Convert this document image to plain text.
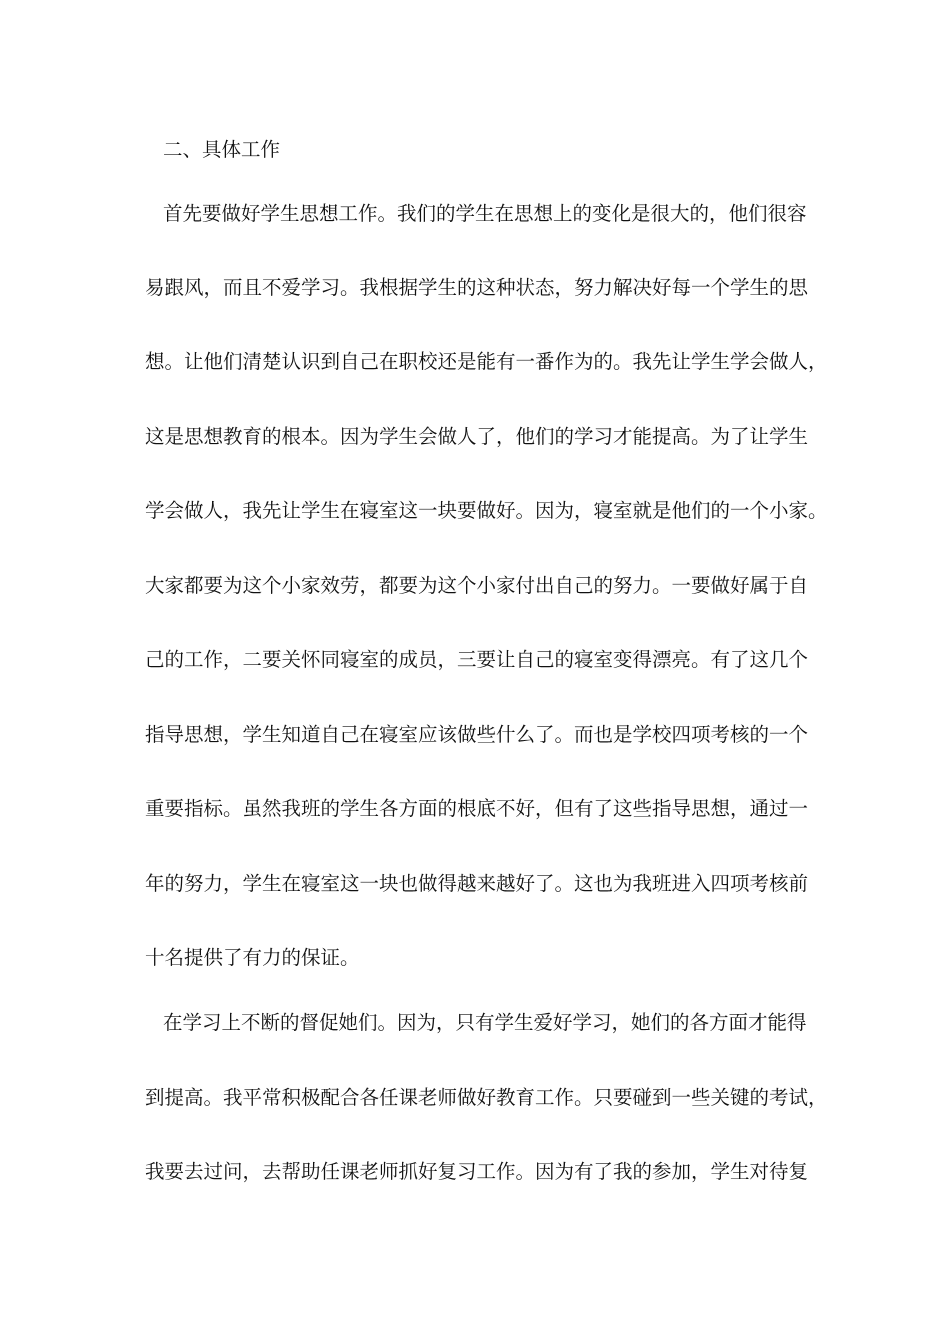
二、具体工作
首先要做好学生思想工作。我们的学生在思想上的变化是很大的，他们很容
易跟风，而且不爱学习。我根据学生的这种状态，努力解决好每一个学生的思
想。让他们清楚认识到自己在职校还是能有一番作为的。我先让学生学会做人，
这是思想教育的根本。因为学生会做人了，他们的学习才能提高。为了让学生
学会做人，我先让学生在寝室这一块要做好。因为，寝室就是他们的一个小家。
大家都要为这个小家效劳，都要为这个小家付出自己的努力。一要做好属于自
己的工作，二要关怀同寝室的成员，三要让自己的寝室变得漂亮。有了这几个
指导思想，学生知道自己在寝室应该做些什么了。而也是学校四项考核的一个
重要指标。虽然我班的学生各方面的根底不好，但有了这些指导思想，通过一
年的努力，学生在寝室这一块也做得越来越好了。这也为我班进入四项考核前
十名提供了有力的保证。
在学习上不断的督促她们。因为，只有学生爱好学习，她们的各方面才能得
到提高。我平常积极配合各任课老师做好教育工作。只要碰到一些关键的考试，
我要去过问，去帮助任课老师抓好复习工作。因为有了我的参加，学生对待复
